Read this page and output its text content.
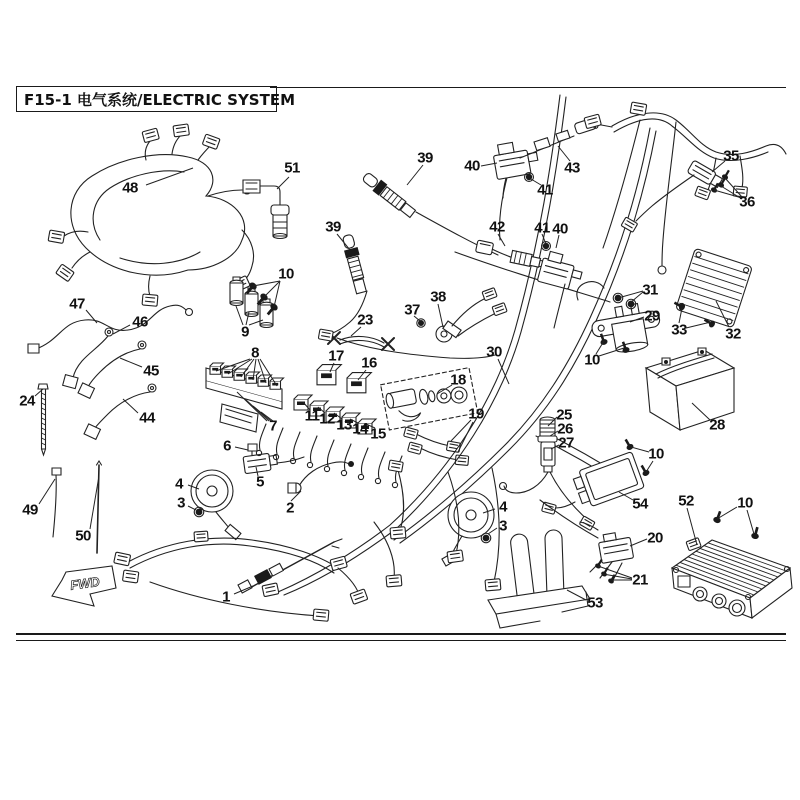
F15-1 电气系统/ELECTRIC SYSTEM
FWD
48
51
47
46
45
44
24
49
50
10
9
8
7
23
17 16
11 12 13 14 15
18
19
37
38
30
39
39
40
41
43
42 41 40
35
36
31
29
10
33	32
28
25
26
27
54
10
52	10
20
21
53
6
5
2
4
3	4
3
1
